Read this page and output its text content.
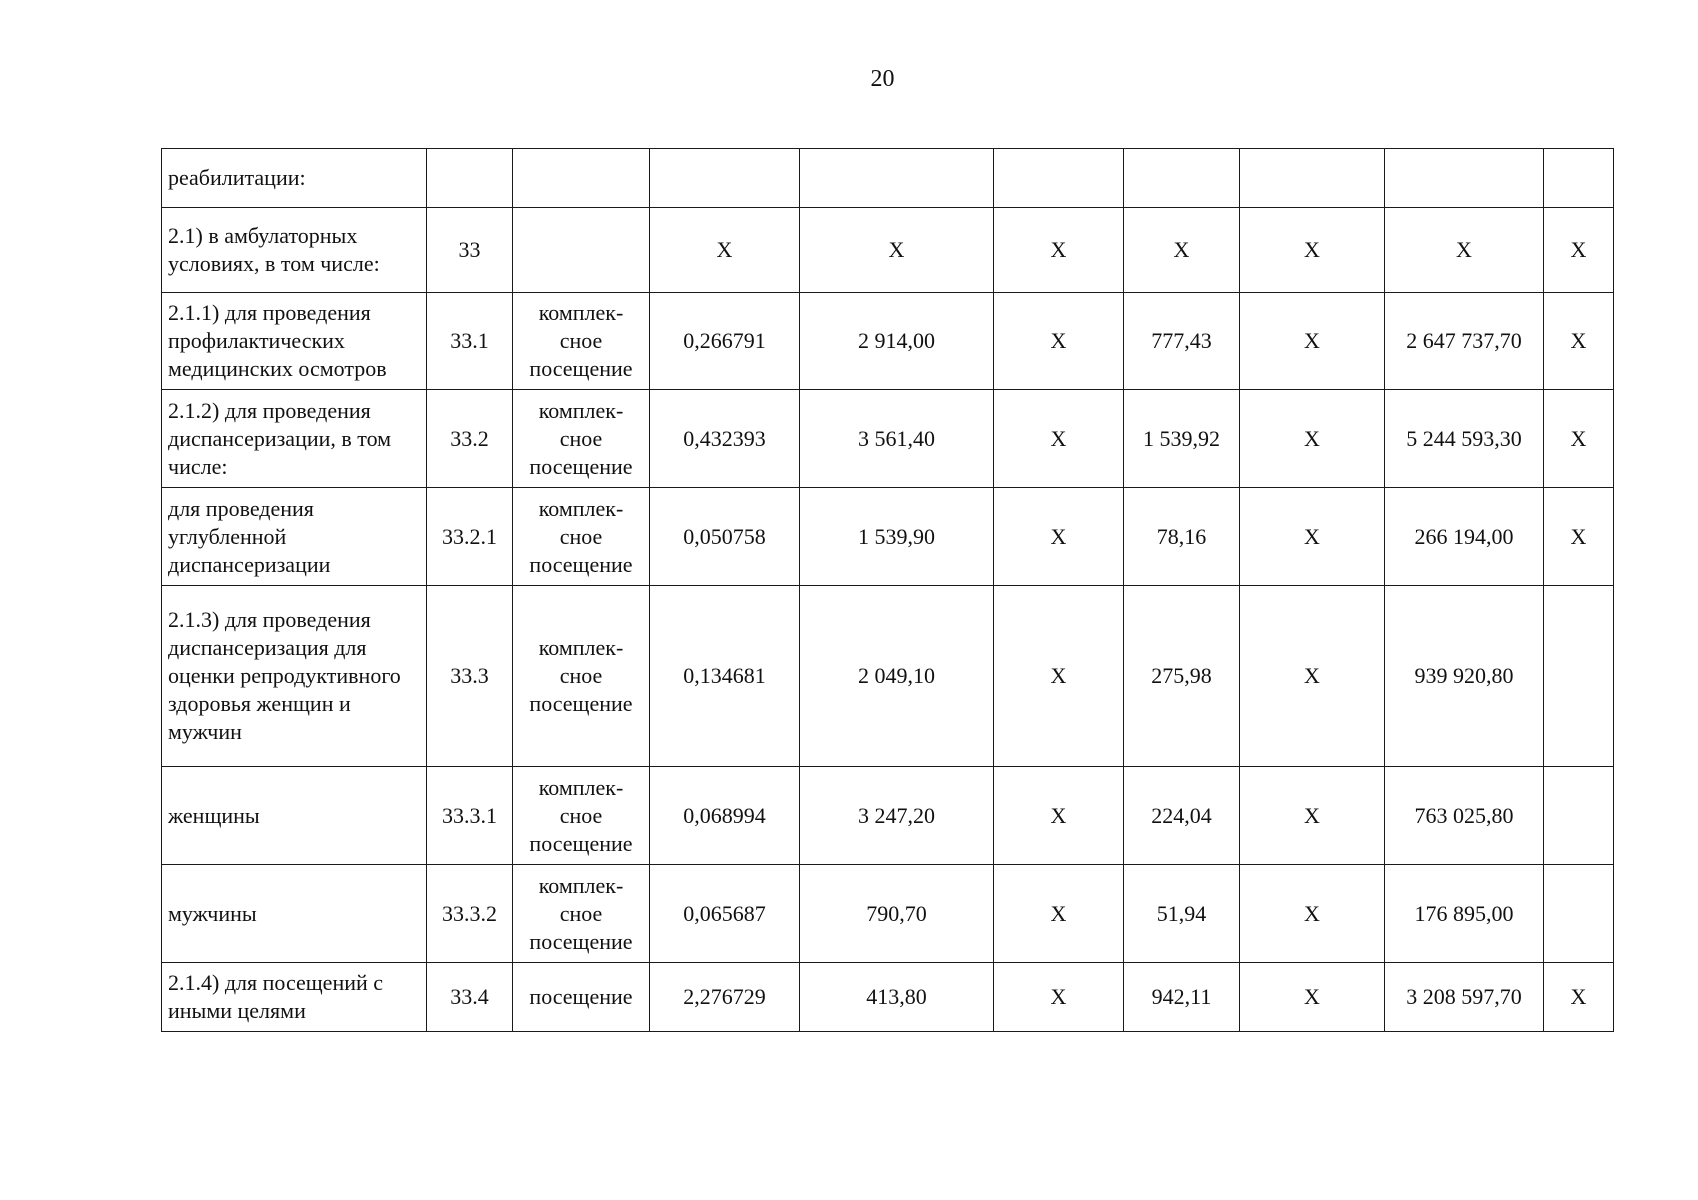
20
реабилитации:									
2.1) в амбулаторных условиях, в том числе:	33		X	X	X	X	X	X	X
2.1.1) для проведения профилактических медицинских осмотров	33.1	комплек- сное посещение	0,266791	2 914,00	X	777,43	X	2 647 737,70	X
2.1.2) для проведения диспансеризации, в том числе:	33.2	комплек- сное посещение	0,432393	3 561,40	X	1 539,92	X	5 244 593,30	X
для проведения углубленной диспансеризации	33.2.1	комплек- сное посещение	0,050758	1 539,90	X	78,16	X	266 194,00	X
2.1.3) для проведения диспансеризация для оценки репродуктивного здоровья женщин и мужчин	33.3	комплек- сное посещение	0,134681	2 049,10	X	275,98	X	939 920,80	
женщины	33.3.1	комплек- сное посещение	0,068994	3 247,20	X	224,04	X	763 025,80	
мужчины	33.3.2	комплек- сное посещение	0,065687	790,70	X	51,94	X	176 895,00	
2.1.4) для посещений с иными целями	33.4	посещение	2,276729	413,80	X	942,11	X	3 208 597,70	X
